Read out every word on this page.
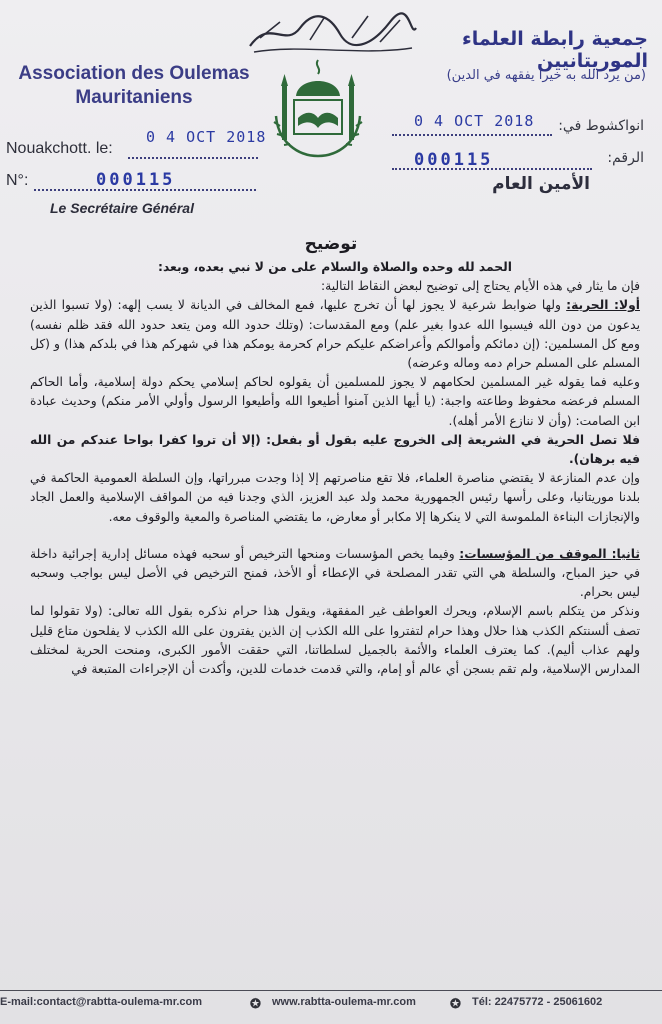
Association des Oulemas
Mauritaniens
جمعية رابطة العلماء الموريتانيين
(من يرد الله به خيرا يفقهه في الدين)
Nouakchott. le:
0 4 OCT 2018
N°:	000115
Le Secrétaire Général
انواكشوط في:
0 4 OCT 2018
الرقم:
000115
الأمين العام
توضيح

الحمد لله وحده والصلاة والسلام على من لا نبي بعده، وبعد:

فإن ما يثار في هذه الأيام يحتاج إلى توضيح لبعض النقاط التالية:

أولا: الحرية: ولها ضوابط شرعية لا يجوز لها أن تخرج عليها، فمع المخالف في الديانة لا يسب إلهه: (ولا تسبوا الذين يدعون من دون الله فيسبوا الله عدوا بغير علم) ومع المقدسات: (وتلك حدود الله ومن يتعد حدود الله فقد ظلم نفسه) ومع كل المسلمين: (إن دمائكم وأموالكم وأعراضكم عليكم حرام كحرمة يومكم هذا في شهركم هذا في بلدكم هذا) و (كل المسلم على المسلم حرام دمه وماله وعرضه)

وعليه فما يقوله غير المسلمين لحكامهم لا يجوز للمسلمين أن يقولوه لحاكم إسلامي يحكم دولة إسلامية، وأما الحاكم المسلم فرعضه محفوظ وطاعته واجبة: (يا أيها الذين آمنوا أطيعوا الله وأطيعوا الرسول وأولي الأمر منكم) وحديث عبادة ابن الصامت: (وأن لا ننازع الأمر أهله).

فلا تصل الحرية في الشريعة إلى الخروج عليه بقول أو بفعل: (إلا أن تروا كفرا بواحا عندكم من الله فيه برهان).

وإن عدم المنازعة لا يقتضي مناصرة العلماء، فلا تقع مناصرتهم إلا إذا وجدت مبرراتها، وإن السلطة العمومية الحاكمة في بلدنا موريتانيا، وعلى رأسها رئيس الجمهورية محمد ولد عبد العزيز، الذي وجدنا فيه من المواقف الإسلامية والعمل الجاد والإنجازات البناءة الملموسة التي لا ينكرها إلا مكابر أو معارض، ما يقتضي المناصرة والمعية والوقوف معه.

ثانيا: الموقف من المؤسسات: وفيما يخص المؤسسات ومنحها الترخيص أو سحبه فهذه مسائل إدارية إجرائية داخلة في حيز المباح، والسلطة هي التي تقدر المصلحة في الإعطاء أو الأخذ، فمنح الترخيص في الأصل ليس بواجب وسحبه ليس بحرام.

ونذكر من يتكلم باسم الإسلام، ويحرك العواطف غير المفقهة، ويقول هذا حرام نذكره بقول الله تعالى: (ولا تقولوا لما تصف ألسنتكم الكذب هذا حلال وهذا حرام لتفتروا على الله الكذب إن الذين يفترون على الله الكذب لا يفلحون متاع قليل ولهم عذاب أليم). كما يعترف العلماء والأئمة بالجميل لسلطاتنا، التي حققت الأمور الكبرى، ومنحت الحرية لمختلف المدارس الإسلامية، ولم تقم بسجن أي عالم أو إمام، والتي قدمت خدمات للدين، وأكدت أن الإجراءات المتبعة في

E-mail:contact@rabtta-oulema-mr.com	✪ www.rabtta-oulema-mr.com	✪ Tél: 22475772 - 25061602
